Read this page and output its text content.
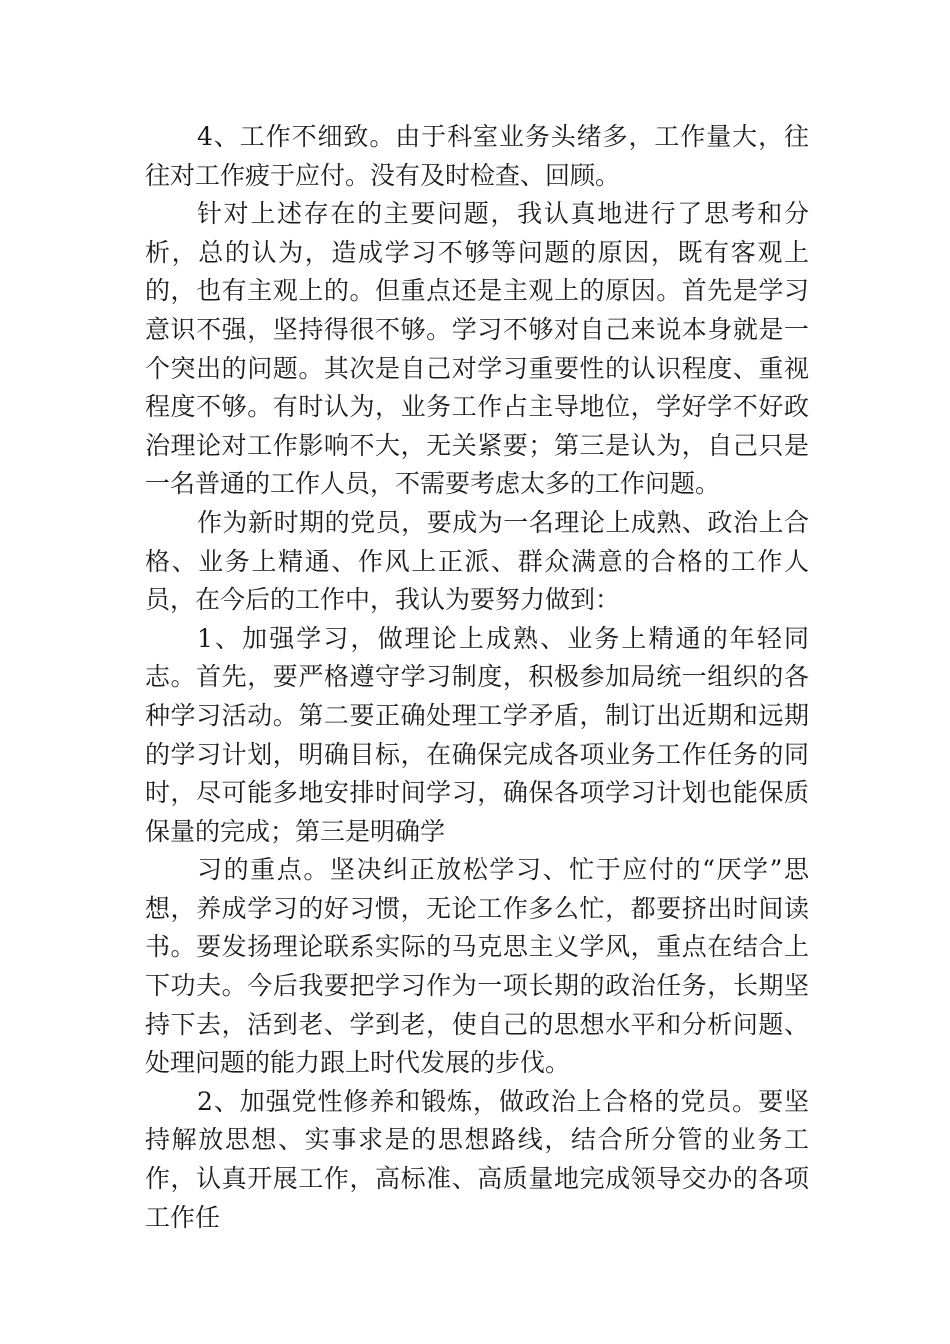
4、工作不细致。由于科室业务头绪多，工作量大，往往对工作疲于应付。没有及时检查、回顾。

针对上述存在的主要问题，我认真地进行了思考和分析，总的认为，造成学习不够等问题的原因，既有客观上的，也有主观上的。但重点还是主观上的原因。首先是学习意识不强，坚持得很不够。学习不够对自己来说本身就是一个突出的问题。其次是自己对学习重要性的认识程度、重视程度不够。有时认为，业务工作占主导地位，学好学不好政治理论对工作影响不大，无关紧要；第三是认为，自己只是一名普通的工作人员，不需要考虑太多的工作问题。

作为新时期的党员，要成为一名理论上成熟、政治上合格、业务上精通、作风上正派、群众满意的合格的工作人员，在今后的工作中，我认为要努力做到：

1、加强学习，做理论上成熟、业务上精通的年轻同志。首先，要严格遵守学习制度，积极参加局统一组织的各种学习活动。第二要正确处理工学矛盾，制订出近期和远期的学习计划，明确目标，在确保完成各项业务工作任务的同时，尽可能多地安排时间学习，确保各项学习计划也能保质保量的完成；第三是明确学

习的重点。坚决纠正放松学习、忙于应付的“厌学”思想，养成学习的好习惯，无论工作多么忙，都要挤出时间读书。要发扬理论联系实际的马克思主义学风，重点在结合上下功夫。今后我要把学习作为一项长期的政治任务，长期坚持下去，活到老、学到老，使自己的思想水平和分析问题、处理问题的能力跟上时代发展的步伐。

2、加强党性修养和锻炼，做政治上合格的党员。要坚持解放思想、实事求是的思想路线，结合所分管的业务工作，认真开展工作，高标准、高质量地完成领导交办的各项工作任
